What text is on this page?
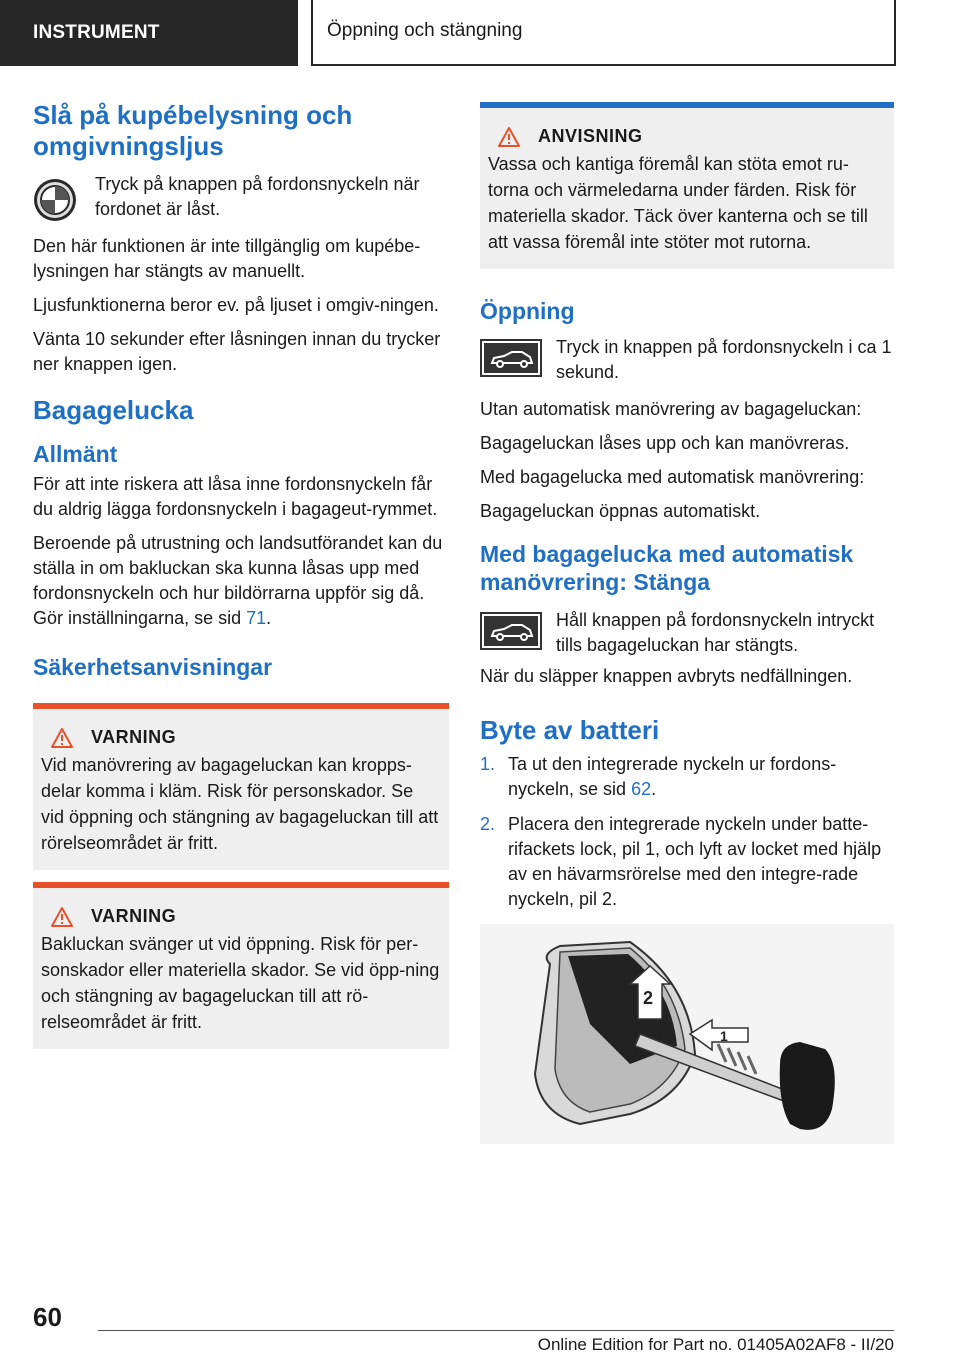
INSTRUMENT	Öppning och stängning
Slå på kupébelysning och omgivningsljus
Tryck på knappen på fordonsnyckeln när fordonet är låst.

Den här funktionen är inte tillgänglig om kupébe-lysningen har stängts av manuellt.

Ljusfunktionerna beror ev. på ljuset i omgiv-ningen.

Vänta 10 sekunder efter låsningen innan du trycker ner knappen igen.

Bagagelucka
Allmänt

För att inte riskera att låsa inne fordonsnyckeln får du aldrig lägga fordonsnyckeln i bagageut-rymmet.

Beroende på utrustning och landsutförandet kan du ställa in om bakluckan ska kunna låsas upp med fordonsnyckeln och hur bildörrarna uppför sig då. Gör inställningarna, se sid 71.

Säkerhetsanvisningar
VARNING
Vid manövrering av bagageluckan kan kropps-delar komma i kläm. Risk för personskador. Se vid öppning och stängning av bagageluckan till att rörelseområdet är fritt.
VARNING
Bakluckan svänger ut vid öppning. Risk för per-sonskador eller materiella skador. Se vid öpp-ning och stängning av bagageluckan till att rö-relseområdet är fritt.
ANVISNING
Vassa och kantiga föremål kan stöta emot ru-torna och värmeledarna under färden. Risk för materiella skador. Täck över kanterna och se till att vassa föremål inte stöter mot rutorna.
Öppning
Tryck in knappen på fordonsnyckeln i ca 1 sekund.

Utan automatisk manövrering av bagageluckan:

Bagageluckan låses upp och kan manövreras.

Med bagagelucka med automatisk manövrering:

Bagageluckan öppnas automatiskt.

Med bagagelucka med automatisk manövrering: Stänga
Håll knappen på fordonsnyckeln intryckt tills bagageluckan har stängts.

När du släpper knappen avbryts nedfällningen.

Byte av batteri
1. Ta ut den integrerade nyckeln ur fordons-nyckeln, se sid 62.
2. Placera den integrerade nyckeln under batte-rifackets lock, pil 1, och lyft av locket med hjälp av en hävarmsrörelse med den integre-rade nyckeln, pil 2.
2
1
60
Online Edition for Part no. 01405A02AF8 - II/20
